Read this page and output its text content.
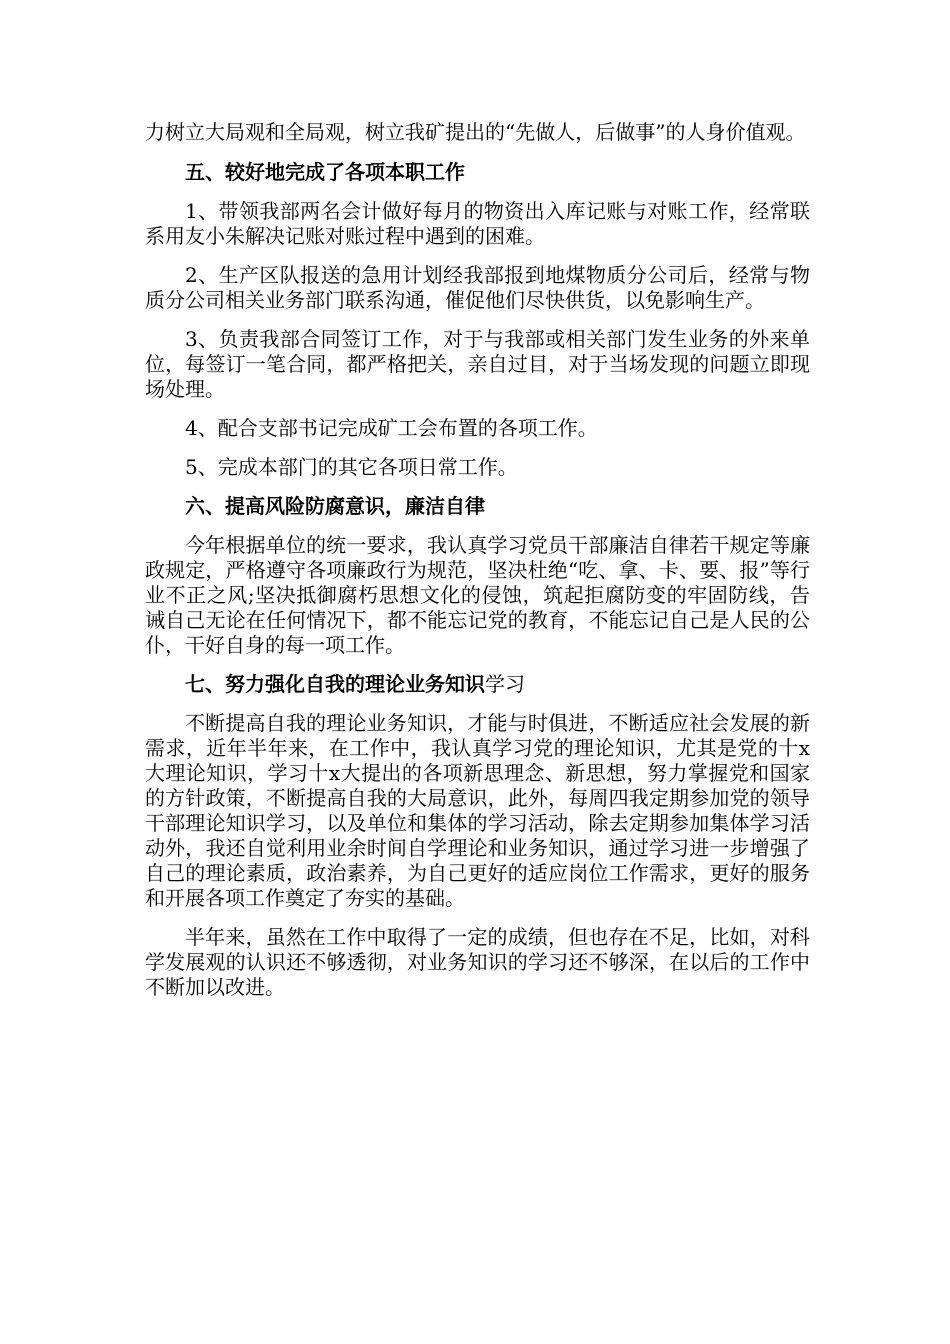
力树立大局观和全局观，树立我矿提出的“先做人，后做事”的人身价值观。

五、较好地完成了各项本职工作

1、带领我部两名会计做好每月的物资出入库记账与对账工作，经常联系用友小朱解决记账对账过程中遇到的困难。

2、生产区队报送的急用计划经我部报到地煤物质分公司后，经常与物质分公司相关业务部门联系沟通，催促他们尽快供货，以免影响生产。

3、负责我部合同签订工作，对于与我部或相关部门发生业务的外来单位，每签订一笔合同，都严格把关，亲自过目，对于当场发现的问题立即现场处理。

4、配合支部书记完成矿工会布置的各项工作。

5、完成本部门的其它各项日常工作。

六、提高风险防腐意识，廉洁自律

今年根据单位的统一要求，我认真学习党员干部廉洁自律若干规定等廉政规定，严格遵守各项廉政行为规范，坚决杜绝“吃、拿、卡、要、报”等行业不正之风;坚决抵御腐朽思想文化的侵蚀，筑起拒腐防变的牢固防线，告诫自己无论在任何情况下，都不能忘记党的教育，不能忘记自己是人民的公仆，干好自身的每一项工作。

七、努力强化自我的理论业务知识学习

不断提高自我的理论业务知识，才能与时俱进，不断适应社会发展的新需求，近年半年来，在工作中，我认真学习党的理论知识，尤其是党的十x大理论知识，学习十x大提出的各项新思理念、新思想，努力掌握党和国家的方针政策，不断提高自我的大局意识，此外，每周四我定期参加党的领导干部理论知识学习，以及单位和集体的学习活动，除去定期参加集体学习活动外，我还自觉利用业余时间自学理论和业务知识，通过学习进一步增强了自己的理论素质，政治素养，为自己更好的适应岗位工作需求，更好的服务和开展各项工作奠定了夯实的基础。

半年来，虽然在工作中取得了一定的成绩，但也存在不足，比如，对科学发展观的认识还不够透彻，对业务知识的学习还不够深，在以后的工作中不断加以改进。
